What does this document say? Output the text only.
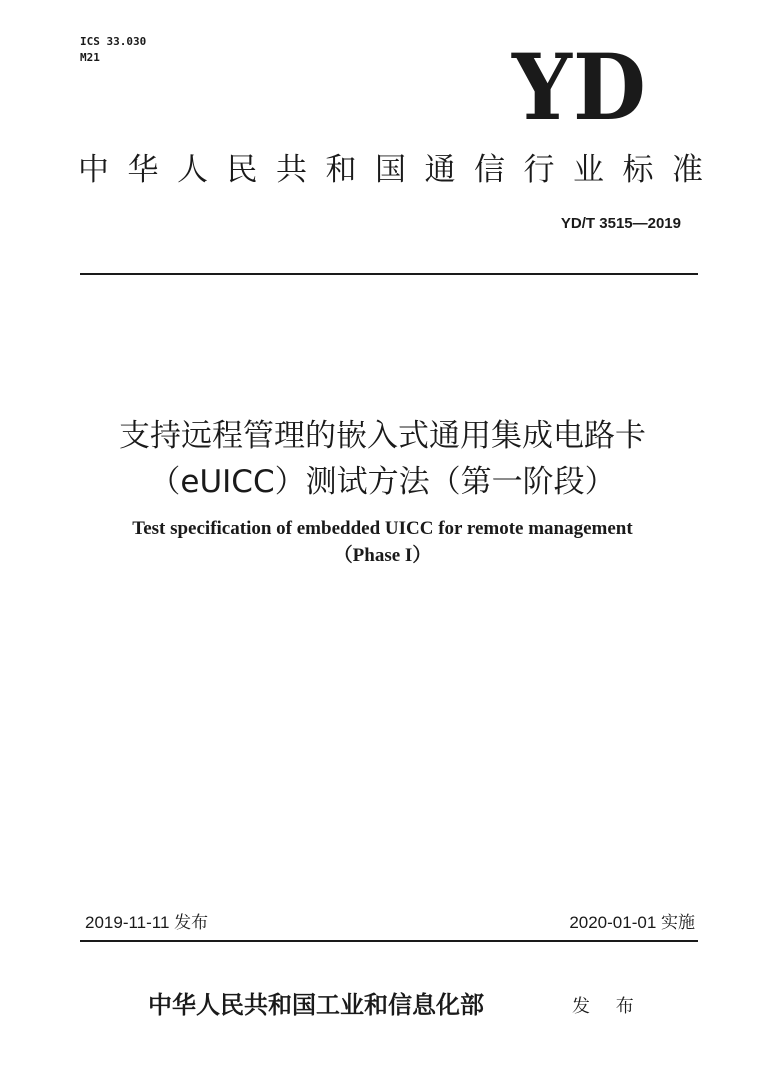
ICS 33.030
M21	YD
中华人民共和国通信行业标准
YD/T 3515—2019
支持远程管理的嵌入式通用集成电路卡
（eUICC）测试方法（第一阶段）
Test specification of embedded UICC for remote management
（Phase I）
2019-11-11 发布	2020-01-01 实施
中华人民共和国工业和信息化部	发 布
